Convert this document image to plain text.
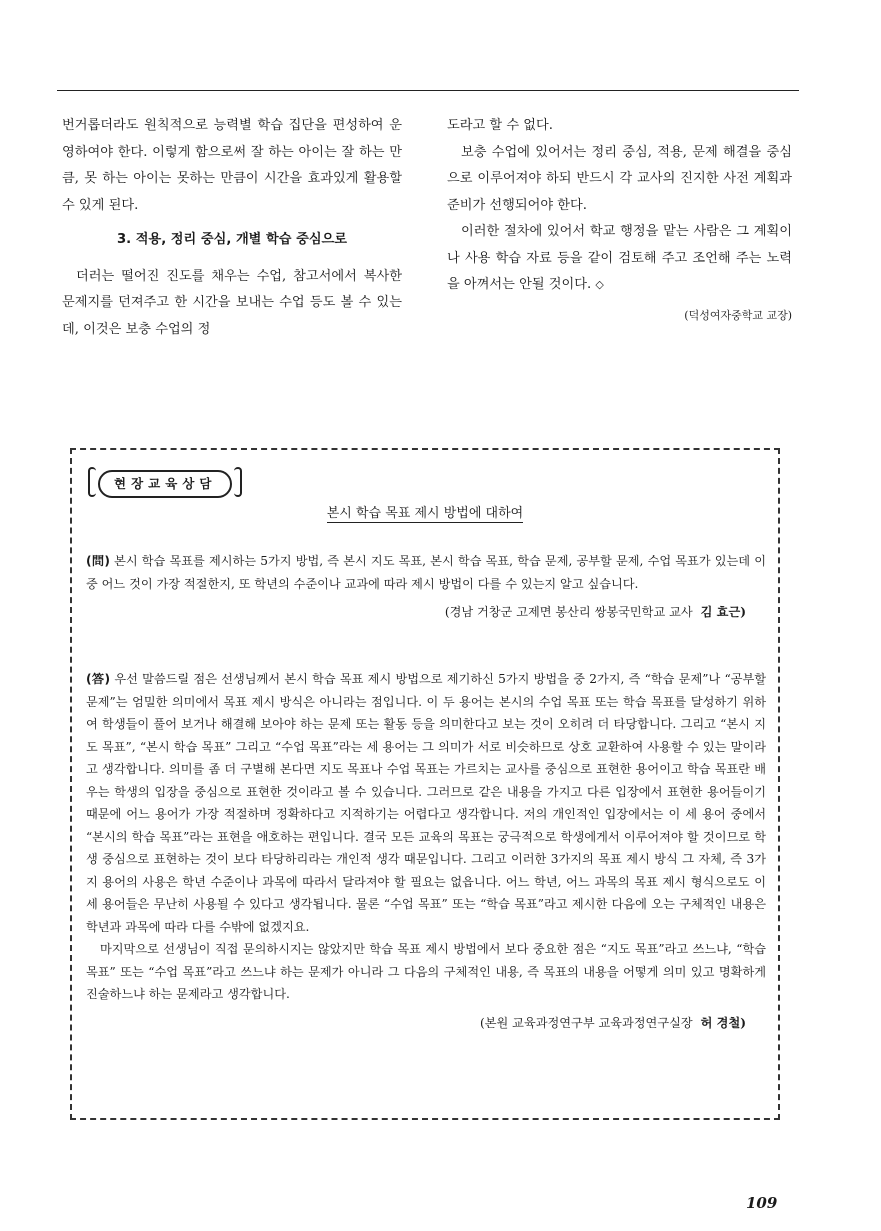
번거롭더라도 원칙적으로 능력별 학습 집단을 편성하여 운영하여야 한다. 이렇게 함으로써 잘 하는 아이는 잘 하는 만큼, 못 하는 아이는 못하는 만큼이 시간을 효과있게 활용할 수 있게 된다.

3. 적용, 정리 중심, 개별 학습 중심으로

더러는 떨어진 진도를 채우는 수업, 참고서에서 복사한 문제지를 던져주고 한 시간을 보내는 수업 등도 볼 수 있는데, 이것은 보충 수업의 정

도라고 할 수 없다.

보충 수업에 있어서는 정리 중심, 적용, 문제 해결을 중심으로 이루어져야 하되 반드시 각 교사의 진지한 사전 계획과 준비가 선행되어야 한다.

이러한 절차에 있어서 학교 행정을 맡는 사람은 그 계획이나 사용 학습 자료 등을 같이 검토해 주고 조언해 주는 노력을 아껴서는 안될 것이다. ◇

(덕성여자중학교 교장)

현장교육상담
본시 학습 목표 제시 방법에 대하여

(問) 본시 학습 목표를 제시하는 5가지 방법, 즉 본시 지도 목표, 본시 학습 목표, 학습 문제, 공부할 문제, 수업 목표가 있는데 이 중 어느 것이 가장 적절한지, 또 학년의 수준이나 교과에 따라 제시 방법이 다를 수 있는지 알고 싶습니다.

(경남 거창군 고제면 봉산리 쌍봉국민학교 교사 김 효근)

(答) 우선 말씀드릴 점은 선생님께서 본시 학습 목표 제시 방법으로 제기하신 5가지 방법을 중 2가지, 즉 “학습 문제”나 “공부할 문제”는 엄밀한 의미에서 목표 제시 방식은 아니라는 점입니다. 이 두 용어는 본시의 수업 목표 또는 학습 목표를 달성하기 위하여 학생들이 풀어 보거나 해결해 보아야 하는 문제 또는 활동 등을 의미한다고 보는 것이 오히려 더 타당합니다. 그리고 “본시 지도 목표”, “본시 학습 목표” 그리고 “수업 목표”라는 세 용어는 그 의미가 서로 비슷하므로 상호 교환하여 사용할 수 있는 말이라고 생각합니다. 의미를 좀 더 구별해 본다면 지도 목표나 수업 목표는 가르치는 교사를 중심으로 표현한 용어이고 학습 목표란 배우는 학생의 입장을 중심으로 표현한 것이라고 볼 수 있습니다. 그러므로 같은 내용을 가지고 다른 입장에서 표현한 용어들이기 때문에 어느 용어가 가장 적절하며 정확하다고 지적하기는 어렵다고 생각합니다. 저의 개인적인 입장에서는 이 세 용어 중에서 “본시의 학습 목표”라는 표현을 애호하는 편입니다. 결국 모든 교육의 목표는 궁극적으로 학생에게서 이루어져야 할 것이므로 학생 중심으로 표현하는 것이 보다 타당하리라는 개인적 생각 때문입니다. 그리고 이러한 3가지의 목표 제시 방식 그 자체, 즉 3가지 용어의 사용은 학년 수준이나 과목에 따라서 달라져야 할 필요는 없읍니다. 어느 학년, 어느 과목의 목표 제시 형식으로도 이 세 용어들은 무난히 사용될 수 있다고 생각됩니다. 물론 “수업 목표” 또는 “학습 목표”라고 제시한 다음에 오는 구체적인 내용은 학년과 과목에 따라 다를 수밖에 없겠지요.

마지막으로 선생님이 직접 문의하시지는 않았지만 학습 목표 제시 방법에서 보다 중요한 점은 “지도 목표”라고 쓰느냐, “학습 목표” 또는 “수업 목표”라고 쓰느냐 하는 문제가 아니라 그 다음의 구체적인 내용, 즉 목표의 내용을 어떻게 의미 있고 명확하게 진술하느냐 하는 문제라고 생각합니다.

(본원 교육과정연구부 교육과정연구실장 허 경철)

109
